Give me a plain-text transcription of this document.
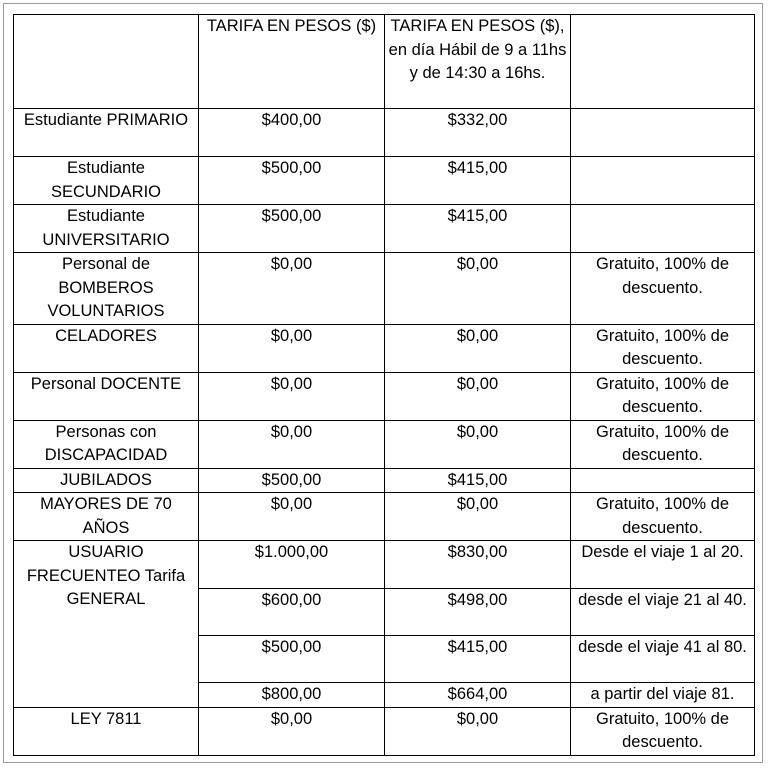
	TARIFA EN PESOS ($)	TARIFA EN PESOS ($), en día Hábil de 9 a 11hs y de 14:30 a 16hs.	
Estudiante PRIMARIO	$400,00	$332,00	
Estudiante SECUNDARIO	$500,00	$415,00	
Estudiante UNIVERSITARIO	$500,00	$415,00	
Personal de BOMBEROS VOLUNTARIOS	$0,00	$0,00	Gratuito, 100% de descuento.
CELADORES	$0,00	$0,00	Gratuito, 100% de descuento.
Personal DOCENTE	$0,00	$0,00	Gratuito, 100% de descuento.
Personas con DISCAPACIDAD	$0,00	$0,00	Gratuito, 100% de descuento.
JUBILADOS	$500,00	$415,00	
MAYORES DE 70 AÑOS	$0,00	$0,00	Gratuito, 100% de descuento.
USUARIO FRECUENTEO Tarifa GENERAL	$1.000,00	$830,00	Desde el viaje 1 al 20.
	$600,00	$498,00	desde el viaje 21 al 40.
	$500,00	$415,00	desde el viaje 41 al 80.
	$800,00	$664,00	a partir del viaje 81.
LEY 7811	$0,00	$0,00	Gratuito, 100% de descuento.
